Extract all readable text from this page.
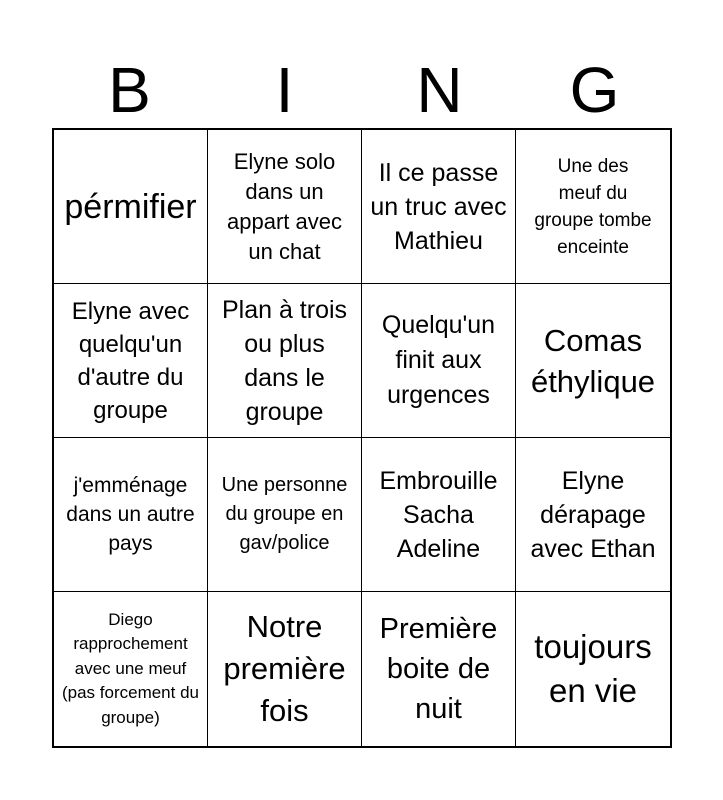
B	I	N	G
pérmifier
Elyne solo dans un appart avec un chat
Il ce passe un truc avec Mathieu
Une des meuf du groupe tombe enceinte
Elyne avec quelqu'un d'autre du groupe
Plan à trois ou plus dans le groupe
Quelqu'un finit aux urgences
Comas éthylique
j'emménage dans un autre pays
Une personne du groupe en gav/police
Embrouille Sacha Adeline
Elyne dérapage avec Ethan
Diego rapprochement avec une meuf (pas forcement du groupe)
Notre première fois
Première boite de nuit
toujours en vie
